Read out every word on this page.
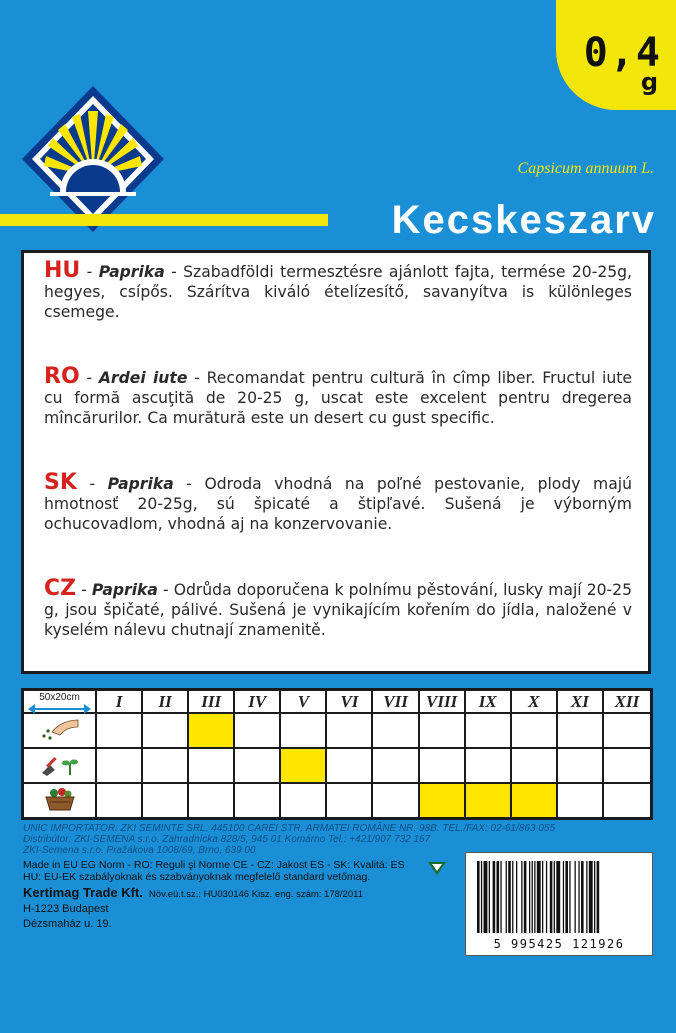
0,4
g
Capsicum annuum L.
Kecskeszarv

HU - Paprika - Szabadföldi termesztésre ajánlott fajta, termése 20-25g, hegyes, csípős. Szárítva kiváló ételízesítő, savanyítva is különleges csemege.

RO - Ardei iute - Recomandat pentru cultură în cîmp liber. Fructul iute cu formă ascuţită de 20-25 g, uscat este excelent pentru dregerea mîncărurilor. Ca murătură este un desert cu gust specific.

SK - Paprika - Odroda vhodná na poľné pestovanie, plody majú hmotnosť 20-25g, sú špicaté a štipľavé. Sušená je výborným ochucovadlom, vhodná aj na konzervovanie.

CZ - Paprika - Odrůda doporučena k polnímu pěstování, lusky mají 20-25 g, jsou špičaté, pálivé. Sušená je vynikajícím kořením do jídla, naložené v kyselém nálevu chutnají znamenitě.

50x20cm	I	II	III	IV	V	VI	VII	VIII	IX	X	XI	XII
UNIC IMPORTATOR: ZKI SEMINTE SRL. 445100 CAREI STR. ARMATEI ROMÂNE NR. 98B. TEL./FAX: 02-61/863 055
Distribútor: ZKI-SEMENA s.r.o. Záhradnícka 828/5, 945 01 Komárno Tel.: +421/907 732 167
ZKI-Semena s.r.o. Pražákova 1008/69, Brno, 639 00
Made in EU EG Norm - RO: Reguli şi Norme CE - CZ: Jakost ES - SK: Kvalitá: ES
HU: EU-EK szabályoknak és szabványoknak megfelelő standard vetőmag.
Kertimag Trade Kft. Növ.eü.t.sz.: HU030146 Kisz. eng. szám: 178/2011
H-1223 Budapest
Dézsmaház u. 19.
5 995425 121926
